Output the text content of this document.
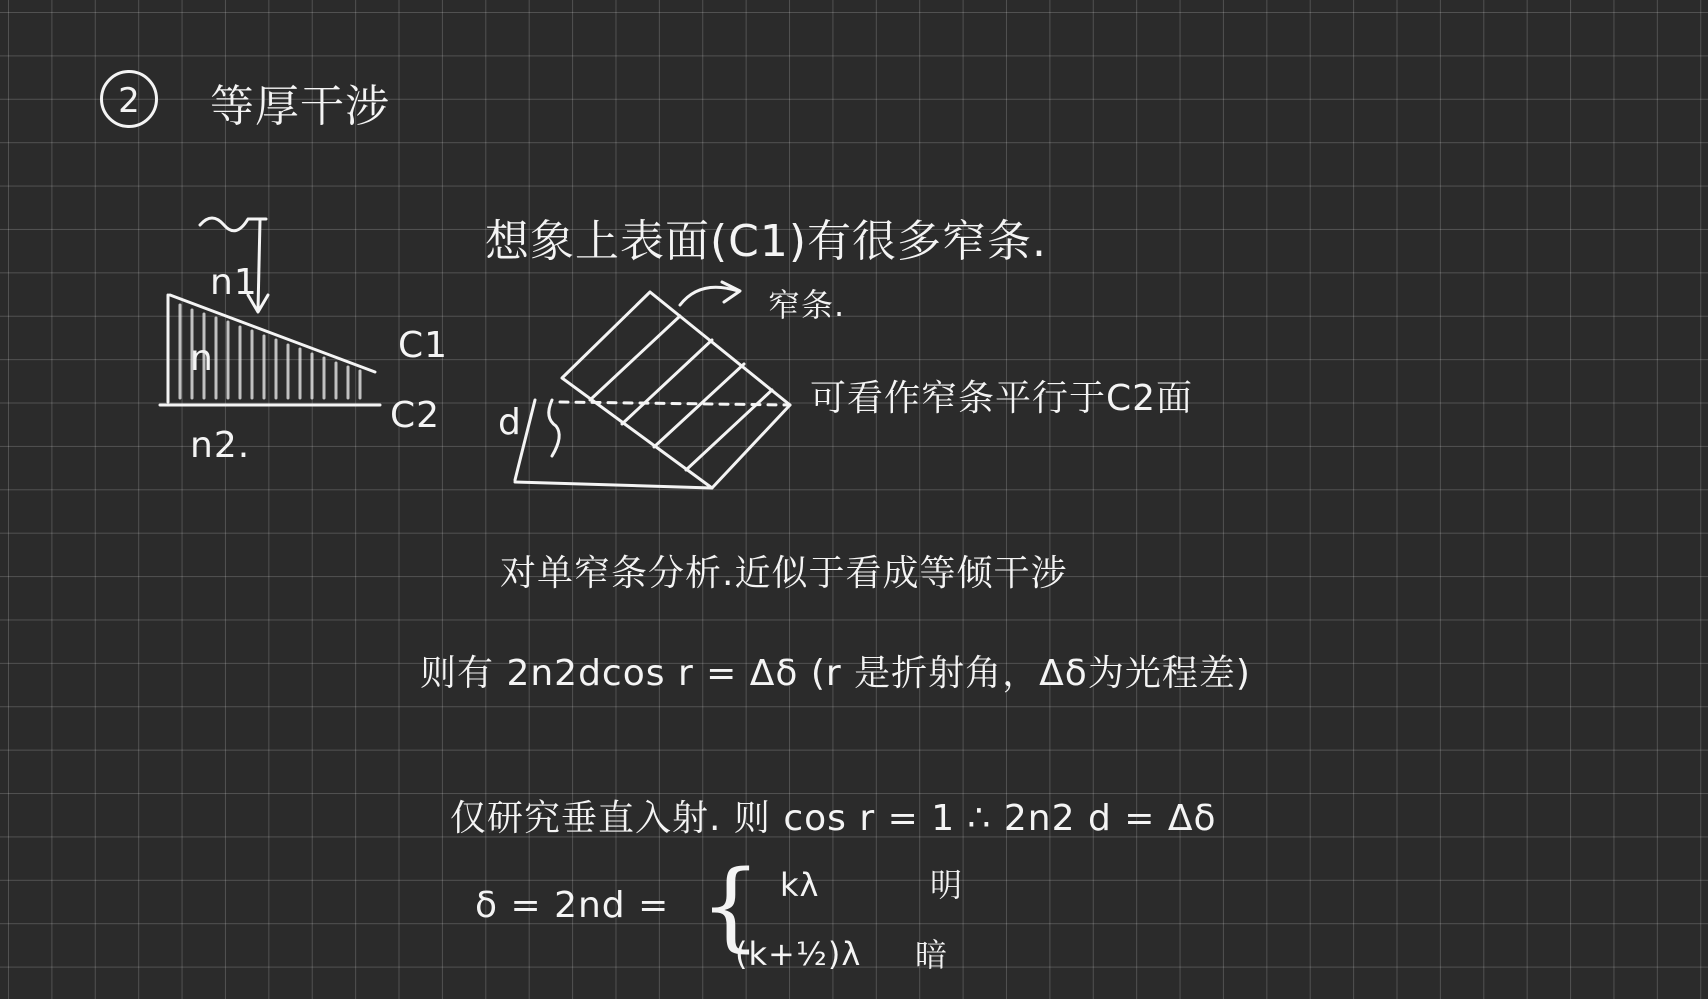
2	等厚干涉
n1
n
n2.
C1
C2
想象上表面(C1)有很多窄条.
窄条.
d
可看作窄条平行于C2面
对单窄条分析.近似于看成等倾干涉
则有 2n2dcos r = Δδ (r 是折射角，Δδ为光程差)
仅研究垂直入射. 则 cos r = 1 ∴ 2n2 d = Δδ
δ = 2nd = { kλ	明
(k+½)λ 暗
